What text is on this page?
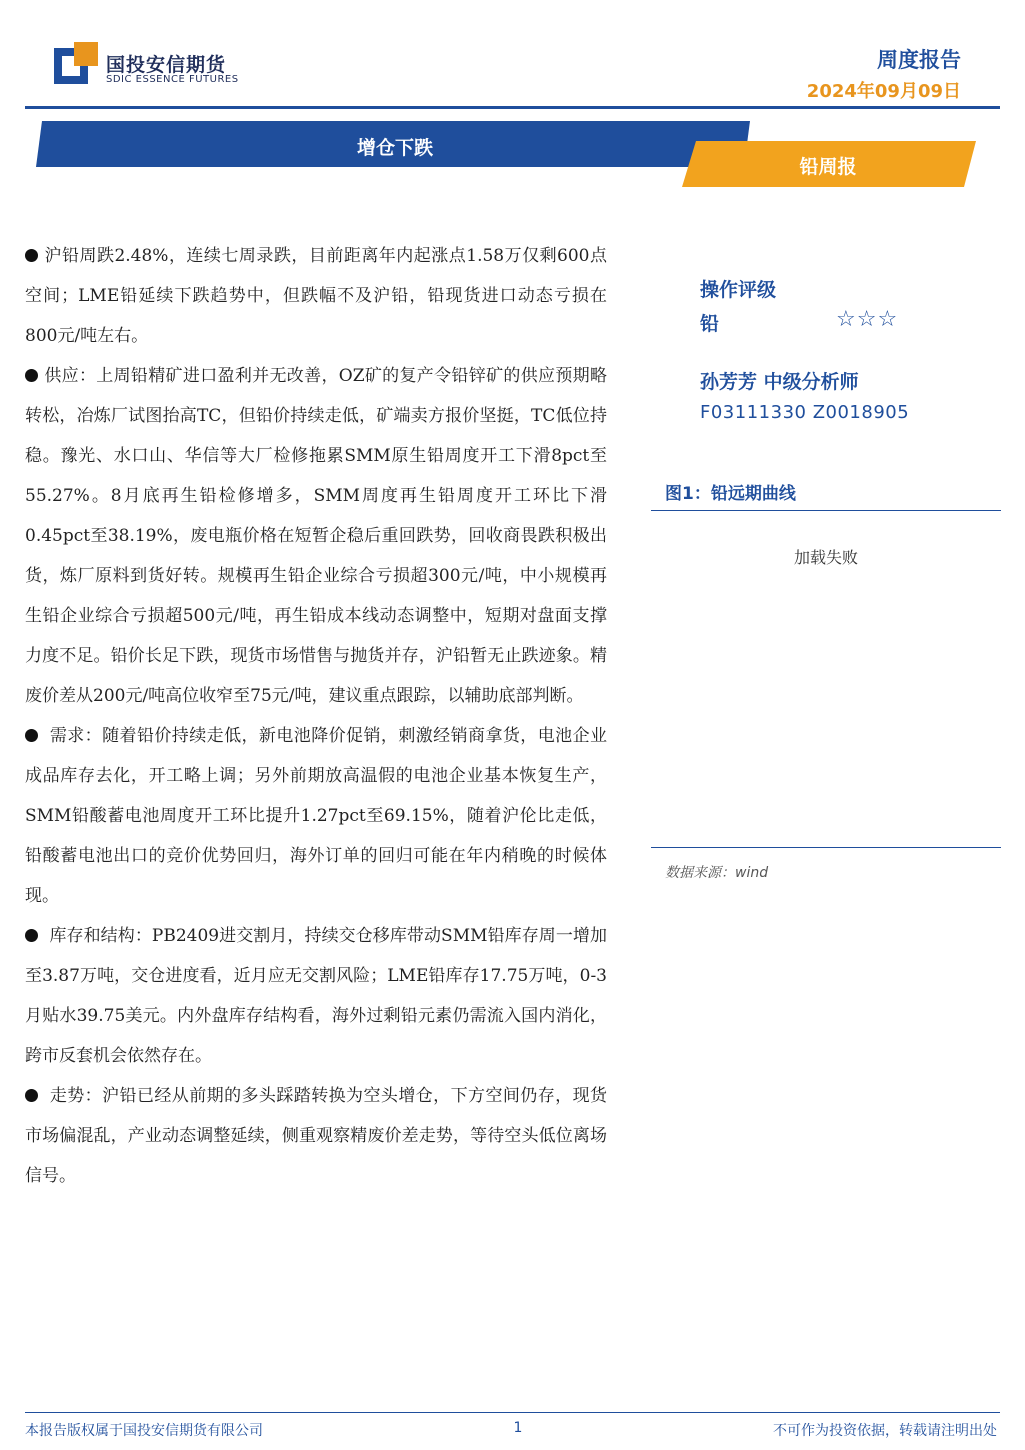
国投安信期货
SDIC ESSENCE FUTURES
周度报告
2024年09月09日
增仓下跌
铅周报

沪铅周跌2.48%，连续七周录跌，目前距离年内起涨点1.58万仅剩600点空间；LME铅延续下跌趋势中，但跌幅不及沪铅，铅现货进口动态亏损在800元/吨左右。

供应：上周铅精矿进口盈利并无改善，OZ矿的复产令铅锌矿的供应预期略转松，冶炼厂试图抬高TC，但铅价持续走低，矿端卖方报价坚挺，TC低位持稳。豫光、水口山、华信等大厂检修拖累SMM原生铅周度开工下滑8pct至55.27%。8月底再生铅检修增多，SMM周度再生铅周度开工环比下滑0.45pct至38.19%，废电瓶价格在短暂企稳后重回跌势，回收商畏跌积极出货，炼厂原料到货好转。规模再生铅企业综合亏损超300元/吨，中小规模再生铅企业综合亏损超500元/吨，再生铅成本线动态调整中，短期对盘面支撑力度不足。铅价长足下跌，现货市场惜售与抛货并存，沪铅暂无止跌迹象。精废价差从200元/吨高位收窄至75元/吨，建议重点跟踪，以辅助底部判断。

需求：随着铅价持续走低，新电池降价促销，刺激经销商拿货，电池企业成品库存去化，开工略上调；另外前期放高温假的电池企业基本恢复生产，SMM铅酸蓄电池周度开工环比提升1.27pct至69.15%，随着沪伦比走低，铅酸蓄电池出口的竞价优势回归，海外订单的回归可能在年内稍晚的时候体现。

库存和结构：PB2409进交割月，持续交仓移库带动SMM铅库存周一增加至3.87万吨，交仓进度看，近月应无交割风险；LME铅库存17.75万吨，0-3月贴水39.75美元。内外盘库存结构看，海外过剩铅元素仍需流入国内消化，跨市反套机会依然存在。

走势：沪铅已经从前期的多头踩踏转换为空头增仓，下方空间仍存，现货市场偏混乱，产业动态调整延续，侧重观察精废价差走势，等待空头低位离场信号。

操作评级
铅	☆☆☆
孙芳芳 中级分析师
F03111330 Z0018905
图1：铅远期曲线
加载失败
数据来源：wind
本报告版权属于国投安信期货有限公司	1	不可作为投资依据，转载请注明出处
